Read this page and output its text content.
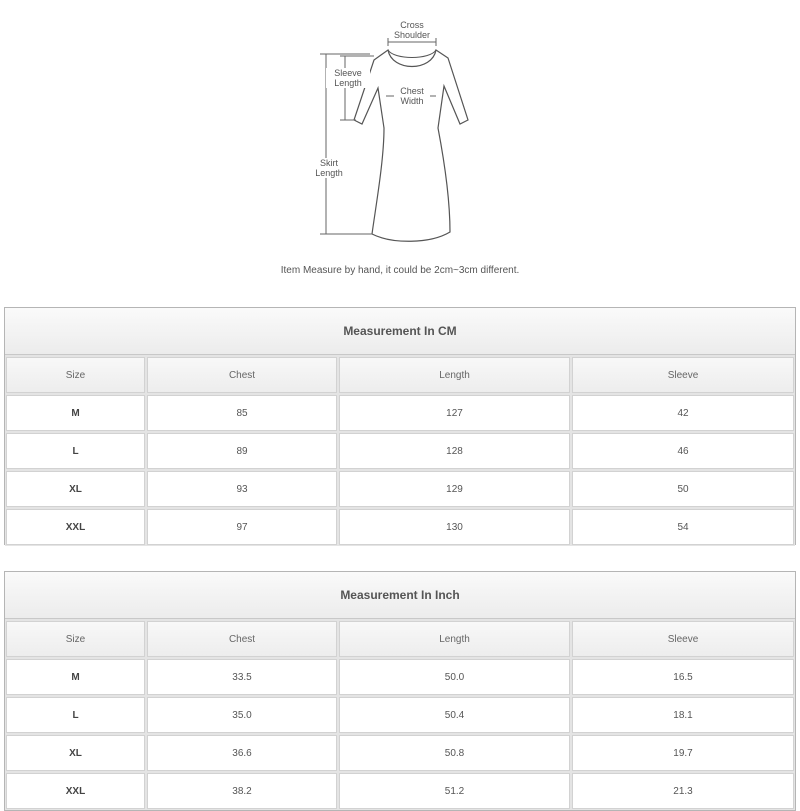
Cross
Shoulder
Sleeve
Length
Chest
Width
Skirt
Length
Item Measure by hand, it could be 2cm~3cm different.
Measurement In CM
Size	Chest	Length	Sleeve
M	85	127	42
L	89	128	46
XL	93	129	50
XXL	97	130	54
Measurement In Inch
Size	Chest	Length	Sleeve
M	33.5	50.0	16.5
L	35.0	50.4	18.1
XL	36.6	50.8	19.7
XXL	38.2	51.2	21.3
